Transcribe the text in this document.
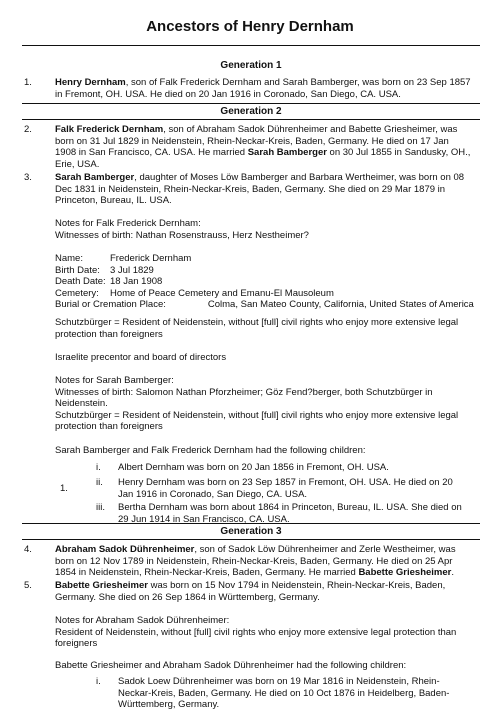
Ancestors of Henry Dernham
Generation 1
1.	Henry Dernham, son of Falk Frederick Dernham and Sarah Bamberger, was born on 23 Sep 1857 in Fremont, OH. USA. He died on 20 Jan 1916 in Coronado, San Diego, CA. USA.
Generation 2
2.	Falk Frederick Dernham, son of Abraham Sadok Dührenheimer and Babette Griesheimer, was born on 31 Jul 1829 in Neidenstein, Rhein-Neckar-Kreis, Baden, Germany. He died on 17 Jan 1908 in San Francisco, CA. USA. He married Sarah Bamberger on 30 Jul 1855 in Sandusky, OH., Erie, USA.
3.	Sarah Bamberger, daughter of Moses Löw Bamberger and Barbara Wertheimer, was born on 08 Dec 1831 in Neidenstein, Rhein-Neckar-Kreis, Baden, Germany. She died on 29 Mar 1879 in Princeton, Bureau, IL. USA.
Notes for Falk Frederick Dernham:
Witnesses of birth: Nathan Rosenstrauss, Herz Nestheimer?
Name:	Frederick Dernham
Birth Date: 3 Jul 1829
Death Date: 18 Jan 1908
Cemetery: Home of Peace Cemetery and Emanu-El Mausoleum
Burial or Cremation Place:	Colma, San Mateo County, California, United States of America
Schutzbürger = Resident of Neidenstein, without [full] civil rights who enjoy more extensive legal protection than foreigners
Israelite precentor and board of directors
Notes for Sarah Bamberger:
Witnesses of birth: Salomon Nathan Pforzheimer; Göz Fend?berger, both Schutzbürger in Neidenstein.
Schutzbürger = Resident of Neidenstein, without [full] civil rights who enjoy more extensive legal protection than foreigners
Sarah Bamberger and Falk Frederick Dernham had the following children:
i.	Albert Dernham was born on 20 Jan 1856 in Fremont, OH. USA.
1.
ii.	Henry Dernham was born on 23 Sep 1857 in Fremont, OH. USA. He died on 20 Jan 1916 in Coronado, San Diego, CA. USA.
iii.	Bertha Dernham was born about 1864 in Princeton, Bureau, IL. USA. She died on 29 Jun 1914 in San Francisco, CA. USA.
Generation 3
4.	Abraham Sadok Dührenheimer, son of Sadok Löw Dührenheimer and Zerle Westheimer, was born on 12 Nov 1789 in Neidenstein, Rhein-Neckar-Kreis, Baden, Germany. He died on 25 Apr 1854 in Neidenstein, Rhein-Neckar-Kreis, Baden, Germany. He married Babette Griesheimer.
5.	Babette Griesheimer was born on 15 Nov 1794 in Neidenstein, Rhein-Neckar-Kreis, Baden, Germany. She died on 26 Sep 1864 in Württemberg, Germany.
Notes for Abraham Sadok Dührenheimer:
Resident of Neidenstein, without [full] civil rights who enjoy more extensive legal protection than foreigners
Babette Griesheimer and Abraham Sadok Dührenheimer had the following children:
i.	Sadok Loew Dührenheimer was born on 19 Mar 1816 in Neidenstein, Rhein-Neckar-Kreis, Baden, Germany. He died on 10 Oct 1876 in Heidelberg, Baden-Württemberg, Germany.
